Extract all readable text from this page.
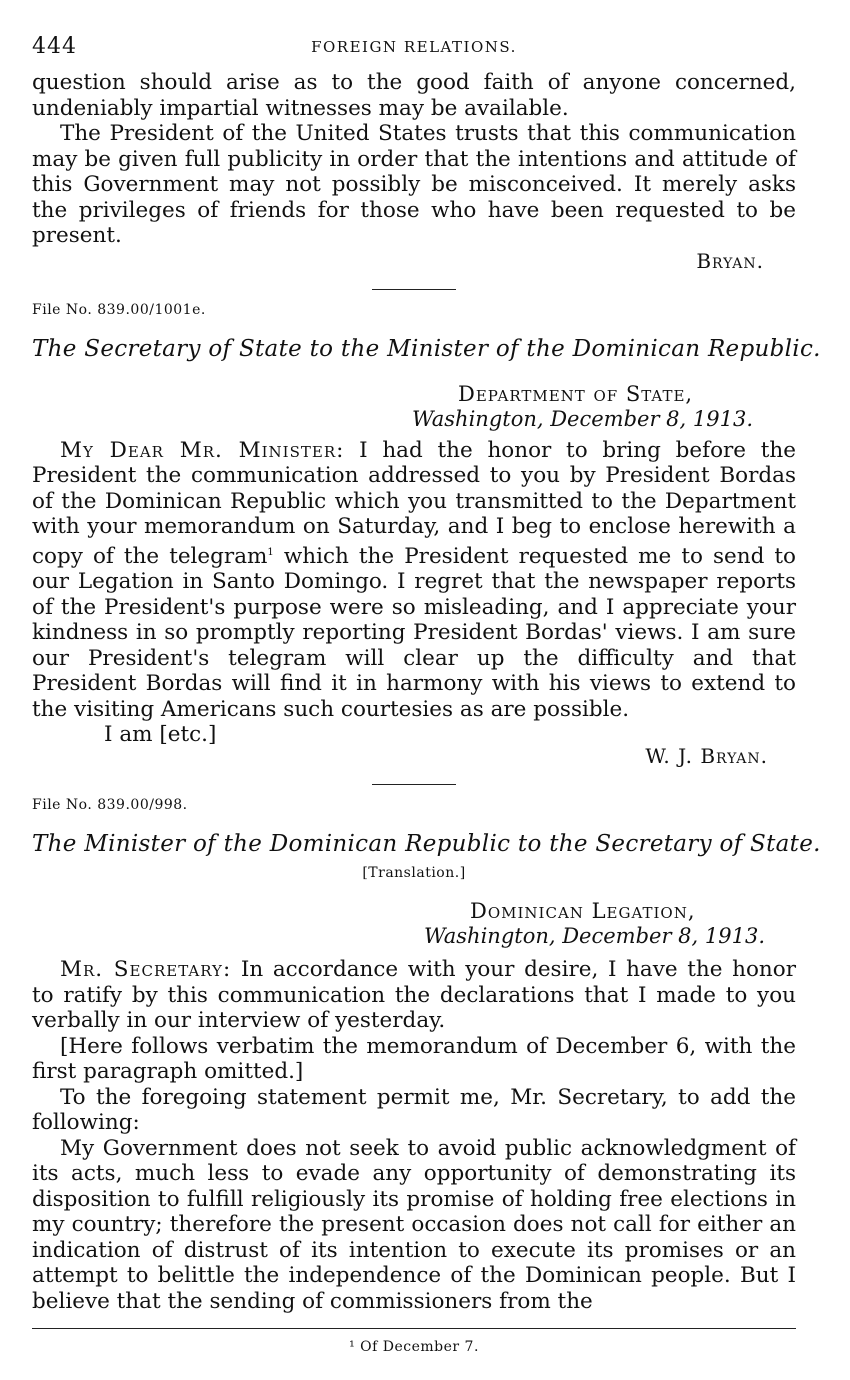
444	FOREIGN RELATIONS.

question should arise as to the good faith of anyone concerned, undeniably impartial witnesses may be available.

The President of the United States trusts that this communication may be given full publicity in order that the intentions and attitude of this Government may not possibly be misconceived. It merely asks the privileges of friends for those who have been requested to be present.

Bryan.
File No. 839.00/1001e.
The Secretary of State to the Minister of the Dominican Republic.
Department of State,
Washington, December 8, 1913.

My Dear Mr. Minister: I had the honor to bring before the President the communication addressed to you by President Bordas of the Dominican Republic which you transmitted to the Department with your memorandum on Saturday, and I beg to enclose herewith a copy of the telegram$^1$ which the President requested me to send to our Legation in Santo Domingo. I regret that the newspaper reports of the President's purpose were so misleading, and I appreciate your kindness in so promptly reporting President Bordas' views. I am sure our President's telegram will clear up the difficulty and that President Bordas will find it in harmony with his views to extend to the visiting Americans such courtesies as are possible.

I am [etc.]
W. J. Bryan.
File No. 839.00/998.
The Minister of the Dominican Republic to the Secretary of State.
[Translation.]
Dominican Legation,
Washington, December 8, 1913.

Mr. Secretary: In accordance with your desire, I have the honor to ratify by this communication the declarations that I made to you verbally in our interview of yesterday.

[Here follows verbatim the memorandum of December 6, with the first paragraph omitted.]

To the foregoing statement permit me, Mr. Secretary, to add the following:

My Government does not seek to avoid public acknowledgment of its acts, much less to evade any opportunity of demonstrating its disposition to fulfill religiously its promise of holding free elections in my country; therefore the present occasion does not call for either an indication of distrust of its intention to execute its promises or an attempt to belittle the independence of the Dominican people. But I believe that the sending of commissioners from the

¹ Of December 7.
